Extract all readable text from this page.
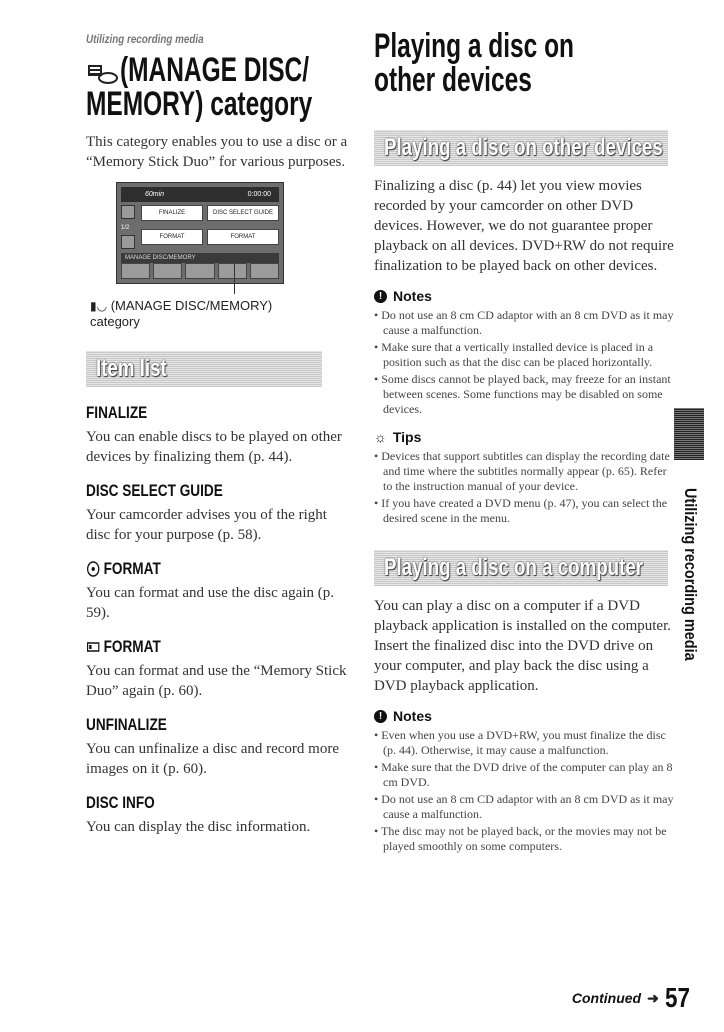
Utilizing recording media
(MANAGE DISC/
MEMORY) category

This category enables you to use a disc or a “Memory Stick Duo” for various purposes.

60min	0:00:00
FINALIZE	DISC SELECT GUIDE
1/2
FORMAT	FORMAT
MANAGE DISC/MEMORY
▮◡ (MANAGE DISC/MEMORY)
category
Item list
FINALIZE

You can enable discs to be played on other devices by finalizing them (p. 44).

DISC SELECT GUIDE

Your camcorder advises you of the right disc for your purpose (p. 58).

FORMAT

You can format and use the disc again (p. 59).

FORMAT

You can format and use the “Memory Stick Duo” again (p. 60).

UNFINALIZE

You can unfinalize a disc and record more images on it (p. 60).

DISC INFO

You can display the disc information.

Playing a disc on
other devices
Playing a disc on other devices

Finalizing a disc (p. 44) let you view movies recorded by your camcorder on other DVD devices. However, we do not guarantee proper playback on all devices. DVD+RW do not require finalization to be played back on other devices.

! Notes

• Do not use an 8 cm CD adaptor with an 8 cm DVD as it may cause a malfunction.

• Make sure that a vertically installed device is placed in a position such as that the disc can be placed horizontally.

• Some discs cannot be played back, may freeze for an instant between scenes. Some functions may be disabled on some devices.

☼ Tips

• Devices that support subtitles can display the recording date and time where the subtitles normally appear (p. 65). Refer to the instruction manual of your device.

• If you have created a DVD menu (p. 47), you can select the desired scene in the menu.

Playing a disc on a computer

You can play a disc on a computer if a DVD playback application is installed on the computer.

Insert the finalized disc into the DVD drive on your computer, and play back the disc using a DVD playback application.

! Notes

• Even when you use a DVD+RW, you must finalize the disc (p. 44). Otherwise, it may cause a malfunction.

• Make sure that the DVD drive of the computer can play an 8 cm DVD.

• Do not use an 8 cm CD adaptor with an 8 cm DVD as it may cause a malfunction.

• The disc may not be played back, or the movies may not be played smoothly on some computers.

Utilizing recording media
Continued ➜ 57
